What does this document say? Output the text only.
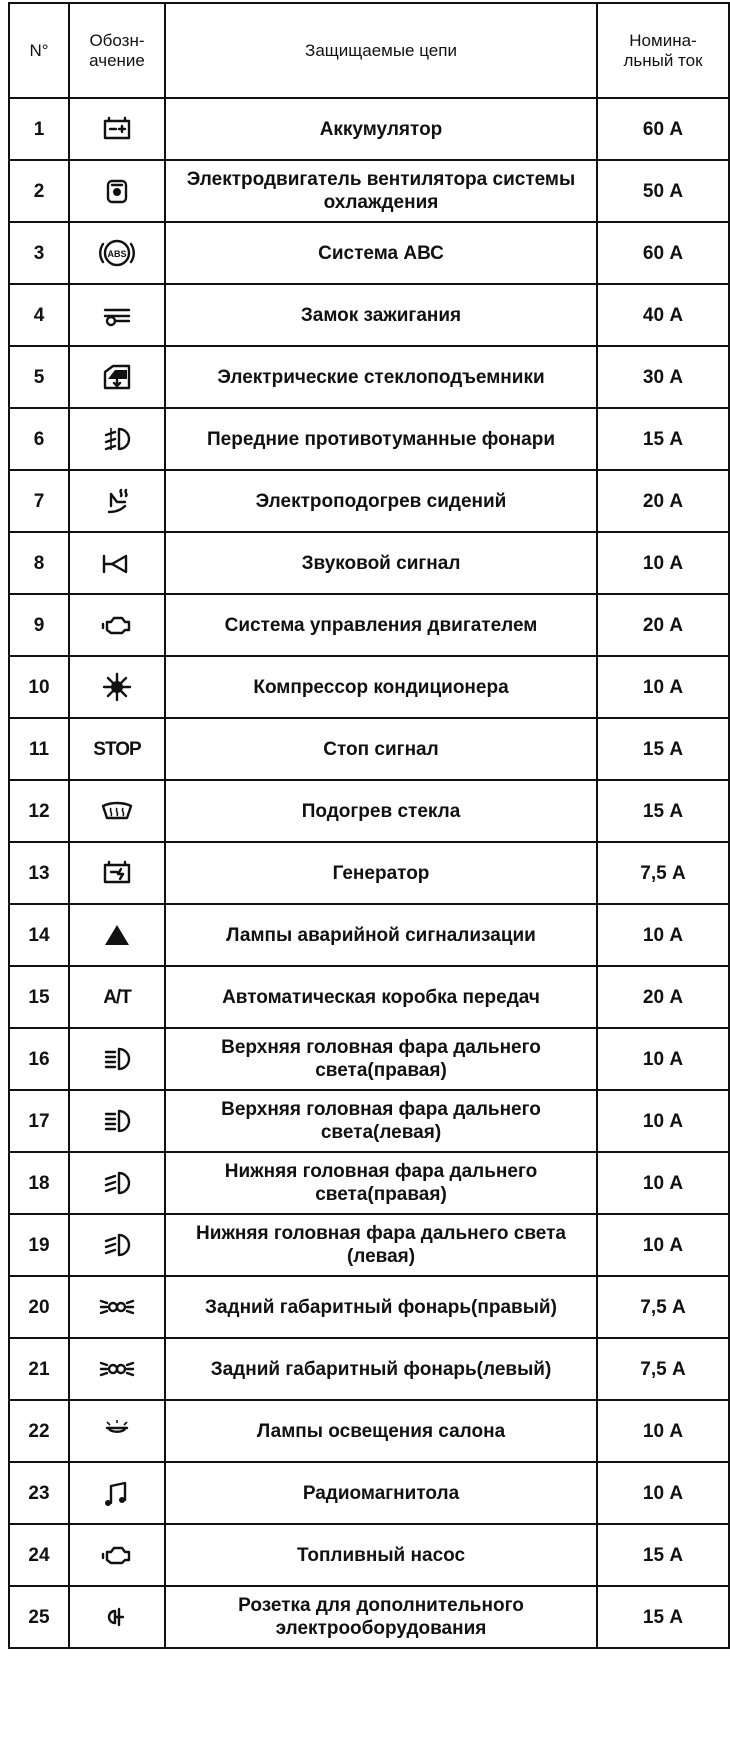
N°	Обозн- ачение	Защищаемые цепи	Номина- льный ток
1		Аккумулятор	60 А
2		Электродвигатель вентилятора системы охлаждения	50 А
3	ABS	Система АВС	60 А
4		Замок зажигания	40 А
5		Электрические стеклоподъемники	30 А
6		Передние противотуманные фонари	15 А
7		Электроподогрев сидений	20 А
8		Звуковой сигнал	10 А
9		Система управления двигателем	20 А
10		Компрессор кондиционера	10 А
11	STOP	Стоп сигнал	15 А
12		Подогрев стекла	15 А
13		Генератор	7,5 А
14		Лампы аварийной сигнализации	10 А
15	A/T	Автоматическая коробка передач	20 А
16		Верхняя головная фара дальнего света(правая)	10 А
17		Верхняя головная фара дальнего света(левая)	10 А
18		Нижняя головная фара дальнего света(правая)	10 А
19		Нижняя головная фара дальнего света (левая)	10 А
20		Задний габаритный фонарь(правый)	7,5 А
21		Задний габаритный фонарь(левый)	7,5 А
22		Лампы освещения салона	10 А
23		Радиомагнитола	10 А
24		Топливный насос	15 А
25		Розетка для дополнительного электрооборудования	15 А
